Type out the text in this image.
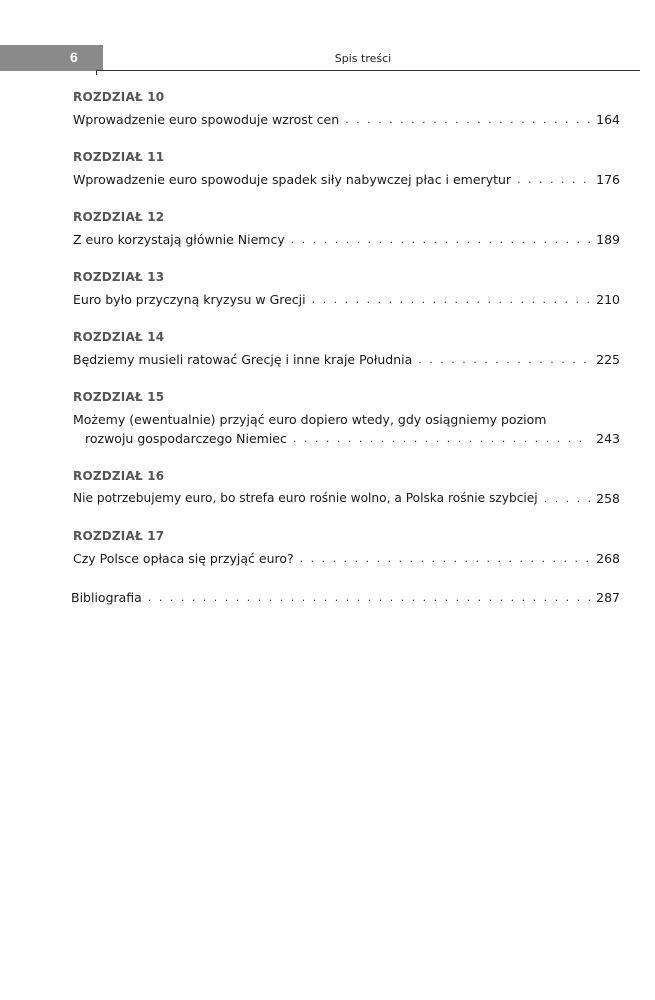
6	Spis treści
ROZDZIAŁ 10
Wprowadzenie euro spowoduje wzrost cen . . .	164
ROZDZIAŁ 11
Wprowadzenie euro spowoduje spadek siły nabywczej płac i emerytur . . .	176
ROZDZIAŁ 12
Z euro korzystają głównie Niemcy . . .	189
ROZDZIAŁ 13
Euro było przyczyną kryzysu w Grecji . . .	210
ROZDZIAŁ 14
Będziemy musieli ratować Grecję i inne kraje Południa . . .	225
ROZDZIAŁ 15
Możemy (ewentualnie) przyjąć euro dopiero wtedy, gdy osiągniemy poziom
rozwoju gospodarczego Niemiec . . .	243
ROZDZIAŁ 16
Nie potrzebujemy euro, bo strefa euro rośnie wolno, a Polska rośnie szybciej . . .	258
ROZDZIAŁ 17
Czy Polsce opłaca się przyjąć euro? . . .	268
Bibliografia . . .	287
